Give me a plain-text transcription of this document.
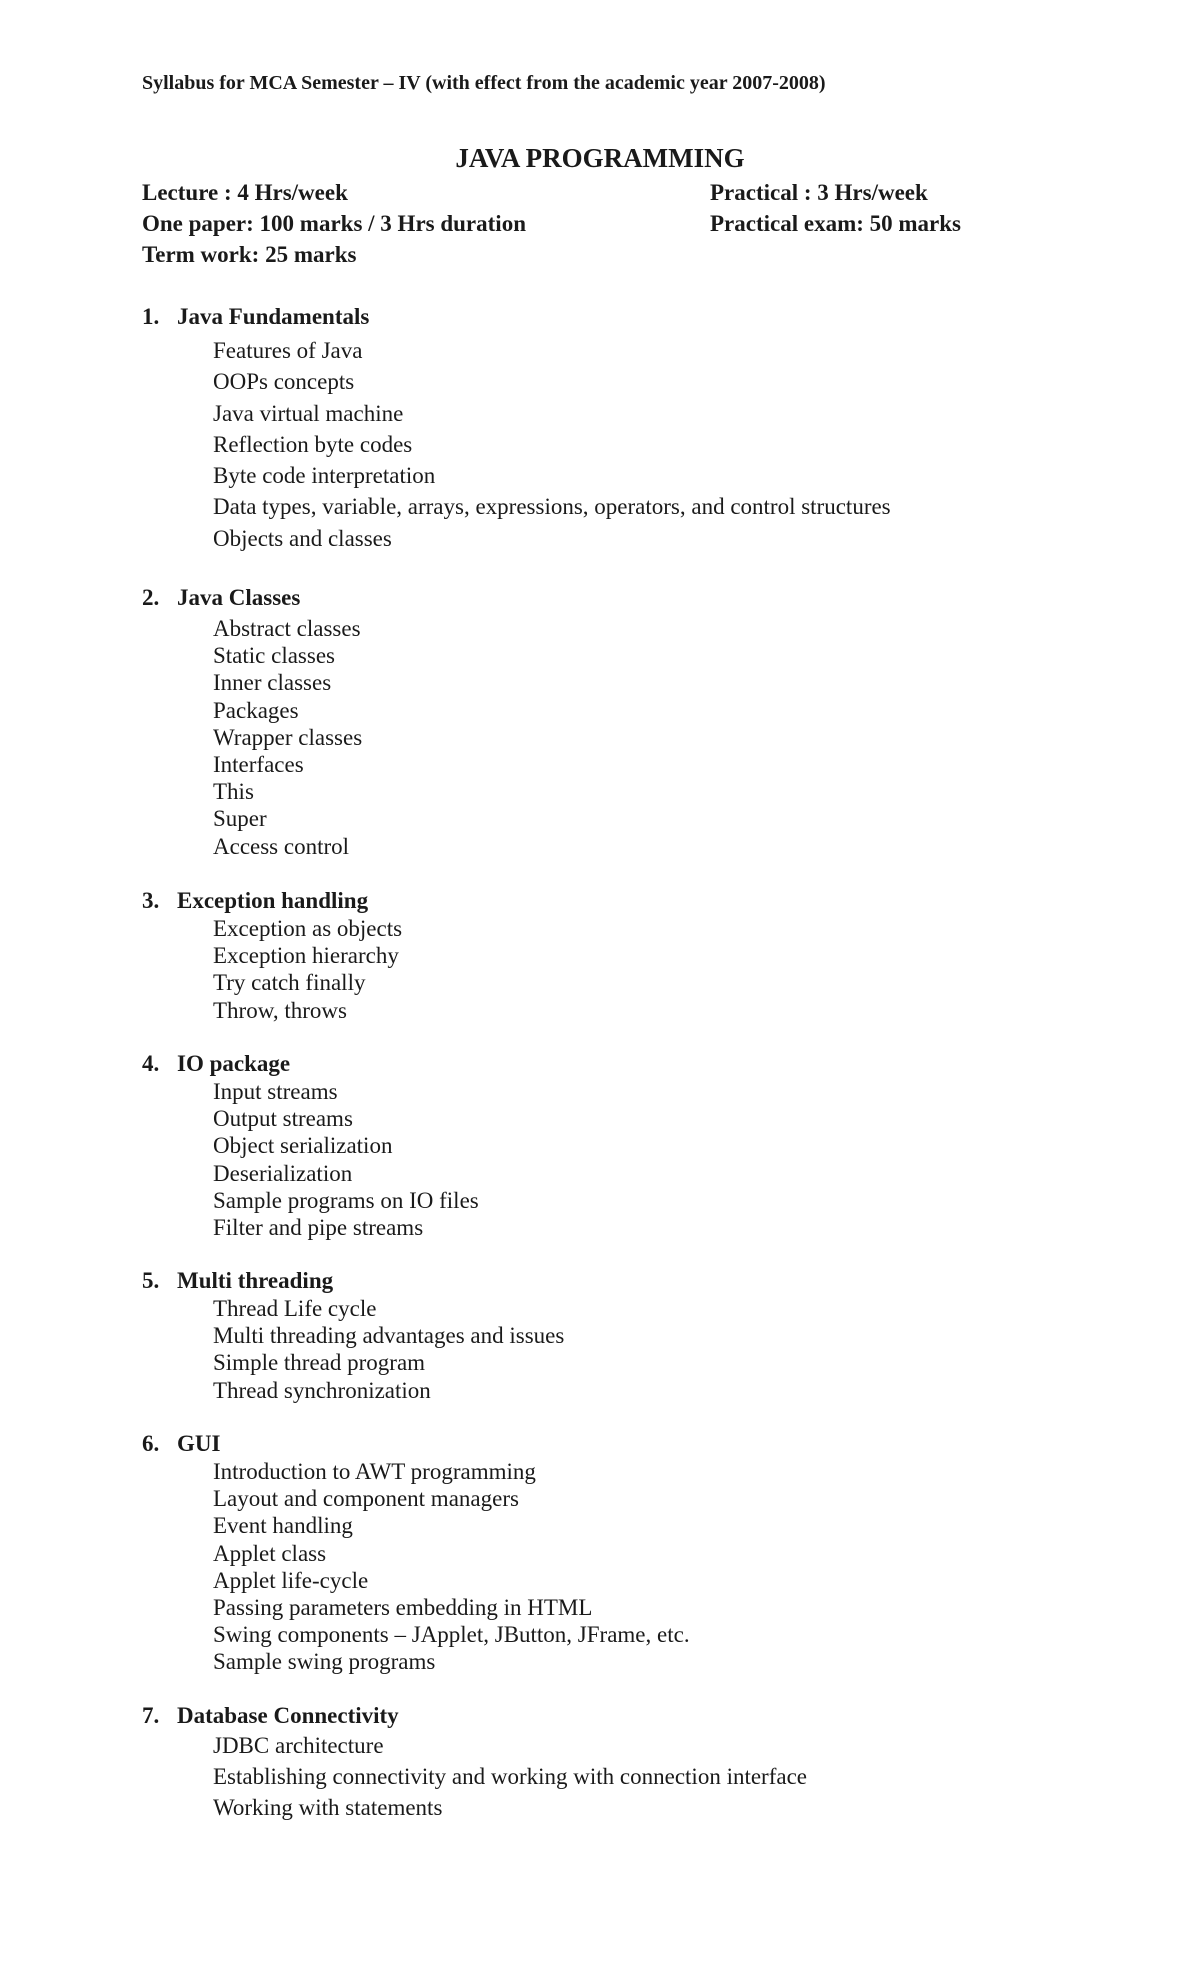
Syllabus for MCA Semester – IV (with effect from the academic year 2007-2008)
JAVA PROGRAMMING
Lecture : 4 Hrs/week
One paper: 100 marks / 3 Hrs duration
Term work: 25 marks
Practical : 3 Hrs/week
Practical exam: 50 marks
1. Java Fundamentals
Features of Java
OOPs concepts
Java virtual machine
Reflection byte codes
Byte code interpretation
Data types, variable, arrays, expressions, operators, and control structures
Objects and classes
2. Java Classes
Abstract classes
Static classes
Inner classes
Packages
Wrapper classes
Interfaces
This
Super
Access control
3. Exception handling
Exception as objects
Exception hierarchy
Try catch finally
Throw, throws
4. IO package
Input streams
Output streams
Object serialization
Deserialization
Sample programs on IO files
Filter and pipe streams
5. Multi threading
Thread Life cycle
Multi threading advantages and issues
Simple thread program
Thread synchronization
6. GUI
Introduction to AWT programming
Layout and component managers
Event handling
Applet class
Applet life-cycle
Passing parameters embedding in HTML
Swing components – JApplet, JButton, JFrame, etc.
Sample swing programs
7. Database Connectivity
JDBC architecture
Establishing connectivity and working with connection interface
Working with statements
